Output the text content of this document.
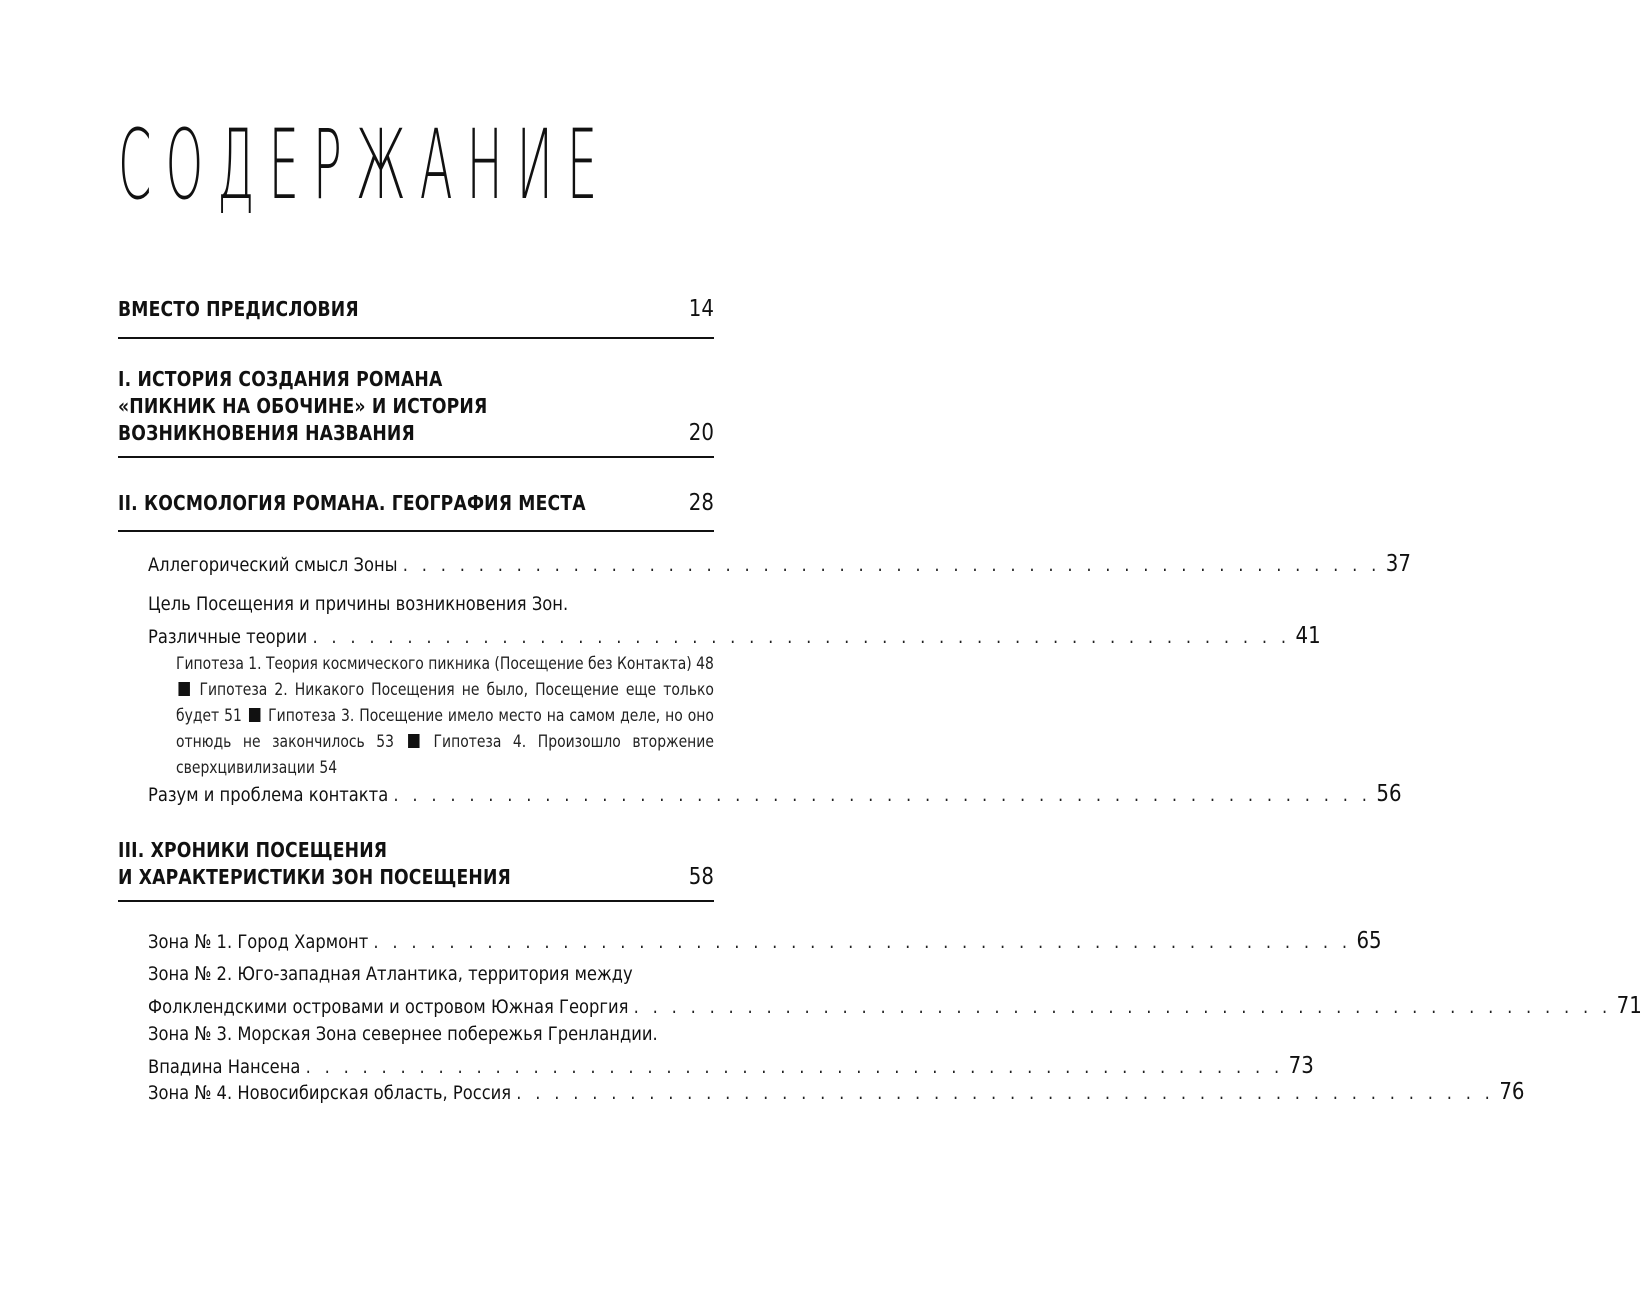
СОДЕРЖАНИЕ
ВМЕСТО ПРЕДИСЛОВИЯ	14
I. ИСТОРИЯ СОЗДАНИЯ РОМАНА
«ПИКНИК НА ОБОЧИНЕ» И ИСТОРИЯ
ВОЗНИКНОВЕНИЯ НАЗВАНИЯ	20
II. КОСМОЛОГИЯ РОМАНА. ГЕОГРАФИЯ МЕСТА	28
Аллегорический смысл Зоны . . . . . . . . . . . . . . . . . . . . . . . . . . . . . . . . . . . . . . . . . . . . . . . . . . . . 37
Цель Посещения и причины возникновения Зон.
Различные теории . . . . . . . . . . . . . . . . . . . . . . . . . . . . . . . . . . . . . . . . . . . . . . . . . . . . 41
Гипотеза 1. Теория космического пикника (Посещение без Контакта) 48  Гипотеза 2. Никакого Посещения не было, Посещение еще только будет 51 Гипотеза 3. Посещение имело место на самом деле, но оно отнюдь не закончилось 53 Гипотеза 4. Произошло вторжение сверхцивилизации 54
Разум и проблема контакта . . . . . . . . . . . . . . . . . . . . . . . . . . . . . . . . . . . . . . . . . . . . . . . . . . . . 56
III. ХРОНИКИ ПОСЕЩЕНИЯ
И ХАРАКТЕРИСТИКИ ЗОН ПОСЕЩЕНИЯ	58
Зона № 1. Город Хармонт . . . . . . . . . . . . . . . . . . . . . . . . . . . . . . . . . . . . . . . . . . . . . . . . . . . . 65
Зона № 2. Юго-западная Атлантика, территория между
Фолклендскими островами и островом Южная Георгия . . . . . . . . . . . . . . . . . . . . . . . . . . . . . . . . . . . . . . . . . . . . . . . . . . . . 71
Зона № 3. Морская Зона севернее побережья Гренландии.
Впадина Нансена . . . . . . . . . . . . . . . . . . . . . . . . . . . . . . . . . . . . . . . . . . . . . . . . . . . . 73
Зона № 4. Новосибирская область, Россия . . . . . . . . . . . . . . . . . . . . . . . . . . . . . . . . . . . . . . . . . . . . . . . . . . . . 76
